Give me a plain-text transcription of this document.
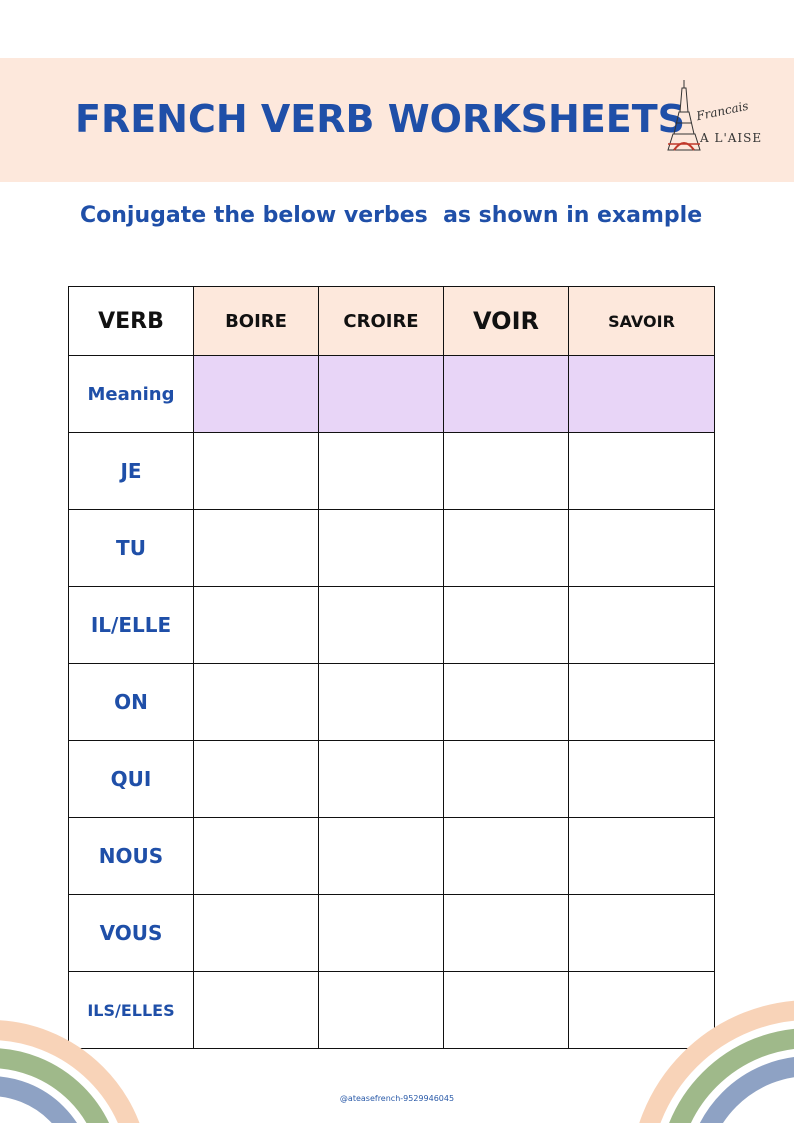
FRENCH VERB WORKSHEETS Francais
A L'AISE
Conjugate the below verbes  as shown in example
VERB	BOIRE	CROIRE	VOIR	SAVOIR
Meaning				
JE				
TU				
IL/ELLE				
ON				
QUI				
NOUS				
VOUS				
ILS/ELLES				
@ateasefrench-9529946045
